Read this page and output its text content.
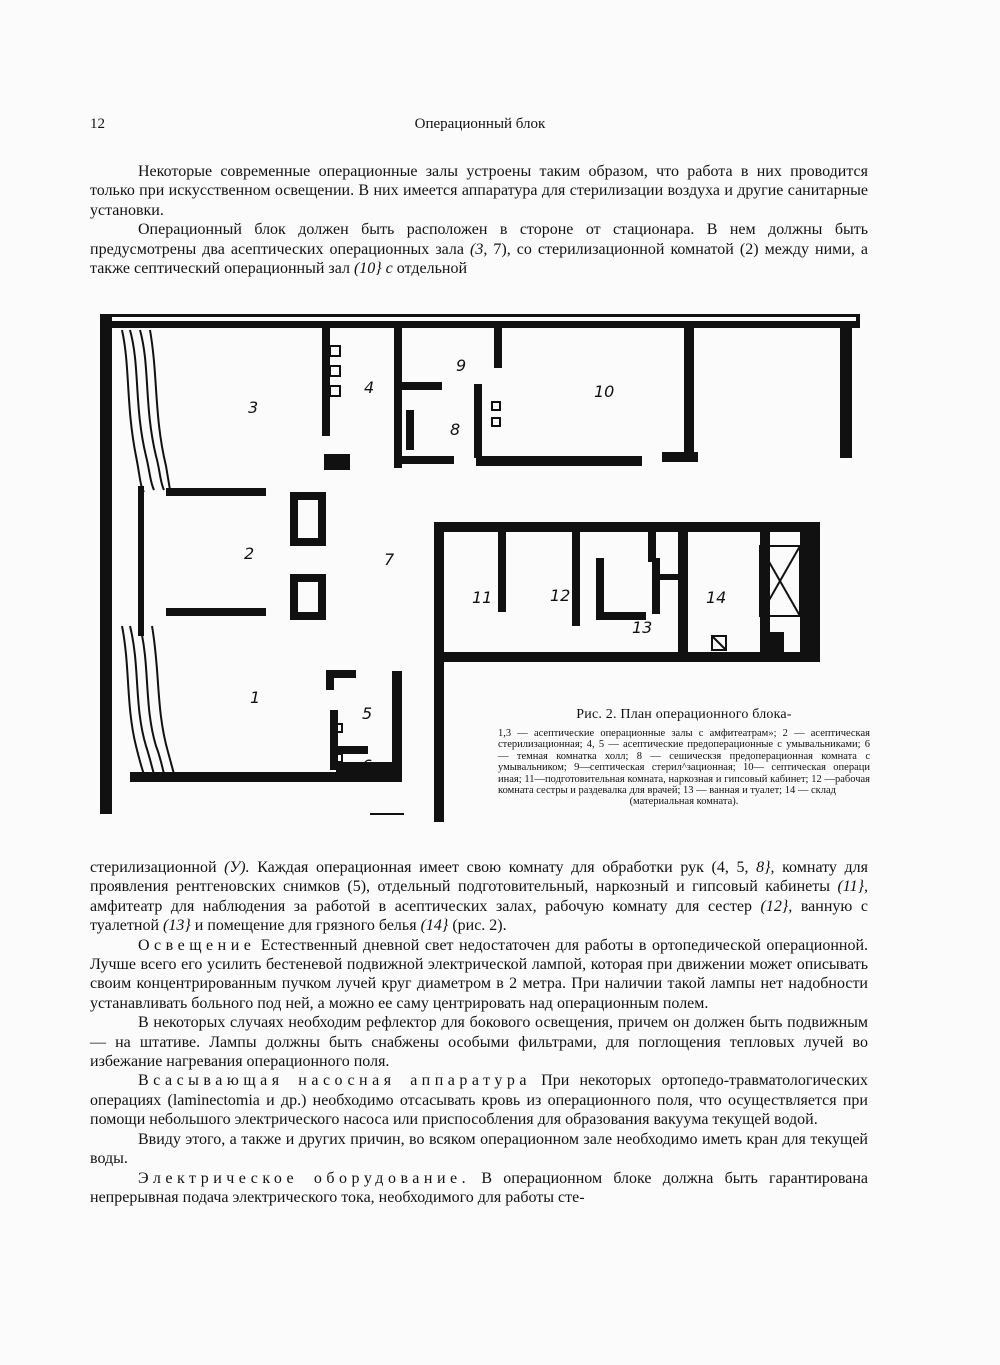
12	Операционный блок

Некоторые современные операционные залы устроены таким образом, что работа в них проводится только при искусственном освещении. В них имеется аппаратура для стерилизации воздуха и другие санитарные установки.

Операционный блок должен быть расположен в стороне от стационара. В нем должны быть предусмотрены два асептических операционных зала (3, 7), со стерилизационной комнатой (2) между ними, а также септический операционный зал (10} с отдельной

3
4
9
8
10
2	7
11	12
13
14
1
5
6
Рис. 2. План операционного блока-
1,3 — асептические операционные залы с амфитеатрам»; 2 — асептическая стерилизационная; 4, 5 — асептические предоперационные с умывальниками; 6 — темная комнатка холл; 8 — сешическзя предоперационная комната с умывальником; 9—септическая стерил^зационная; 10— септическая операци иная; 11—подготовительная комната, наркозная и гипсовый кабинет; 12 —рабочая комната сестры и раздевалка для врачей; 13 — ванная и туалет; 14 — склад
(материальная комната).

стерилизационной (У). Каждая операционная имеет свою комнату для обработки рук (4, 5, 8}, комнату для проявления рентгеновских снимков (5), отдельный подготовительный, наркозный и гипсовый кабинеты (11}, амфитеатр для наблюдения за работой в асептических залах, рабочую комнату для сестер (12}, ванную с туалетной (13} и помещение для грязного белья (14} (рис. 2).

Освещение Естественный дневной свет недостаточен для работы в ортопедической операционной. Лучше всего его усилить бестеневой подвижной электрической лампой, которая при движении может описывать своим концентрированным пучком лучей круг диаметром в 2 метра. При наличии такой лампы нет надобности устанавливать больного под ней, а можно ее саму центрировать над операционным полем.

В некоторых случаях необходим рефлектор для бокового освещения, причем он должен быть подвижным — на штативе. Лампы должны быть снабжены особыми фильтрами, для поглощения тепловых лучей во избежание нагревания операционного поля.

Всасывающая насосная аппаратура При некоторых ортопедо-травматологических операциях (laminectomia и др.) необходимо отсасывать кровь из операционного поля, что осуществляется при помощи небольшого электрического насоса или приспособления для образования вакуума текущей водой.

Ввиду этого, а также и других причин, во всяком операционном зале необходимо иметь кран для текущей воды.

Электрическое оборудование. В операционном блоке должна быть гарантирована непрерывная подача электрического тока, необходимого для работы сте-
